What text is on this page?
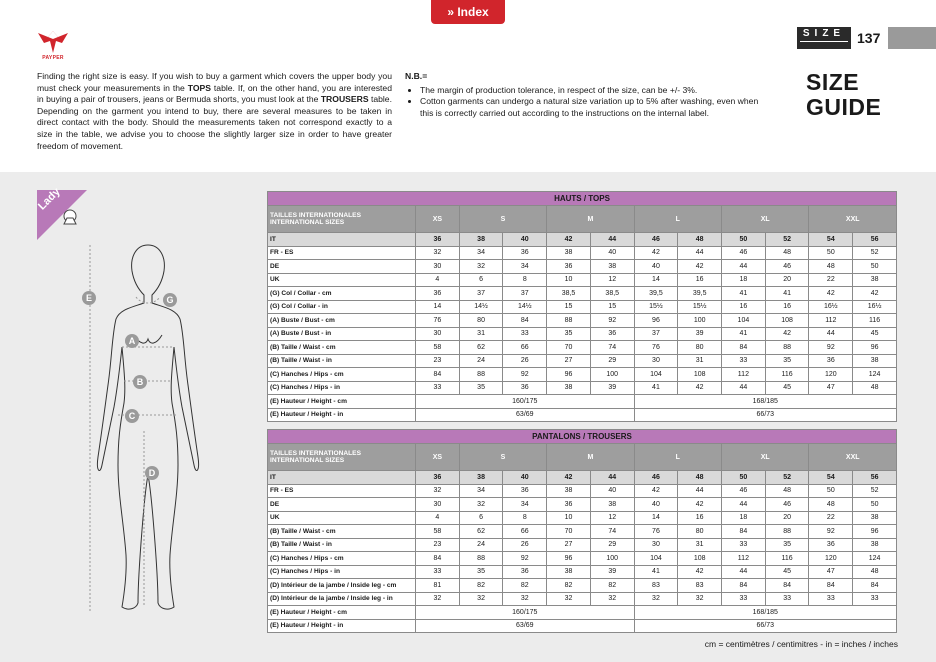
» Index
PAYPER
Finding the right size is easy. If you wish to buy a garment which covers the upper body you must check your measurements in the TOPS table. If, on the other hand, you are interested in buying a pair of trousers, jeans or Bermuda shorts, you must look at the TROUSERS table. Depending on the garment you intend to buy, there are several measures to be taken in direct contact with the body. Should the measurements taken not correspond exactly to a size in the table, we advise you to choose the slightly larger size in order to have greater freedom of movement.
N.B.=
• The margin of production tolerance, in respect of the size, can be +/- 3%.
• Cotton garments can undergo a natural size variation up to 5% after washing, even when this is correctly carried out according to the instructions on the internal label.
SIZE 137
SIZE
GUIDE
Lady
E	G
A
B
C
D
HAUTS / TOPS											
TAILLES INTERNATIONALES INTERNATIONAL SIZES	XS	S		M		L		XL		XXL	
IT	36	38	40	42	44	46	48	50	52	54	56
FR - ES	32	34	36	38	40	42	44	46	48	50	52
DE	30	32	34	36	38	40	42	44	46	48	50
UK	4	6	8	10	12	14	16	18	20	22	38
(G) Col / Collar - cm	36	37	37	38,5	38,5	39,5	39,5	41	41	42	42
(G) Col / Collar - in	14	14½	14½	15	15	15½	15½	16	16	16½	16½
(A) Buste / Bust - cm	76	80	84	88	92	96	100	104	108	112	116
(A) Buste / Bust - in	30	31	33	35	36	37	39	41	42	44	45
(B) Taille / Waist - cm	58	62	66	70	74	76	80	84	88	92	96
(B) Taille / Waist - in	23	24	26	27	29	30	31	33	35	36	38
(C) Hanches / Hips - cm	84	88	92	96	100	104	108	112	116	120	124
(C) Hanches / Hips - in	33	35	36	38	39	41	42	44	45	47	48
(E) Hauteur / Height - cm	160/175					168/185					
(E) Hauteur / Height - in	63/69					66/73					
PANTALONS / TROUSERS											
TAILLES INTERNATIONALES INTERNATIONAL SIZES	XS	S		M		L		XL		XXL	
IT	36	38	40	42	44	46	48	50	52	54	56
FR - ES	32	34	36	38	40	42	44	46	48	50	52
DE	30	32	34	36	38	40	42	44	46	48	50
UK	4	6	8	10	12	14	16	18	20	22	38
(B) Taille / Waist - cm	58	62	66	70	74	76	80	84	88	92	96
(B) Taille / Waist - in	23	24	26	27	29	30	31	33	35	36	38
(C) Hanches / Hips - cm	84	88	92	96	100	104	108	112	116	120	124
(C) Hanches / Hips - in	33	35	36	38	39	41	42	44	45	47	48
(D) Intérieur de la jambe / Inside leg - cm	81	82	82	82	82	83	83	84	84	84	84
(D) Intérieur de la jambe / Inside leg - in	32	32	32	32	32	32	32	33	33	33	33
(E) Hauteur / Height - cm	160/175					168/185					
(E) Hauteur / Height - in	63/69					66/73					
cm = centimètres / centimitres - in = inches / inches
